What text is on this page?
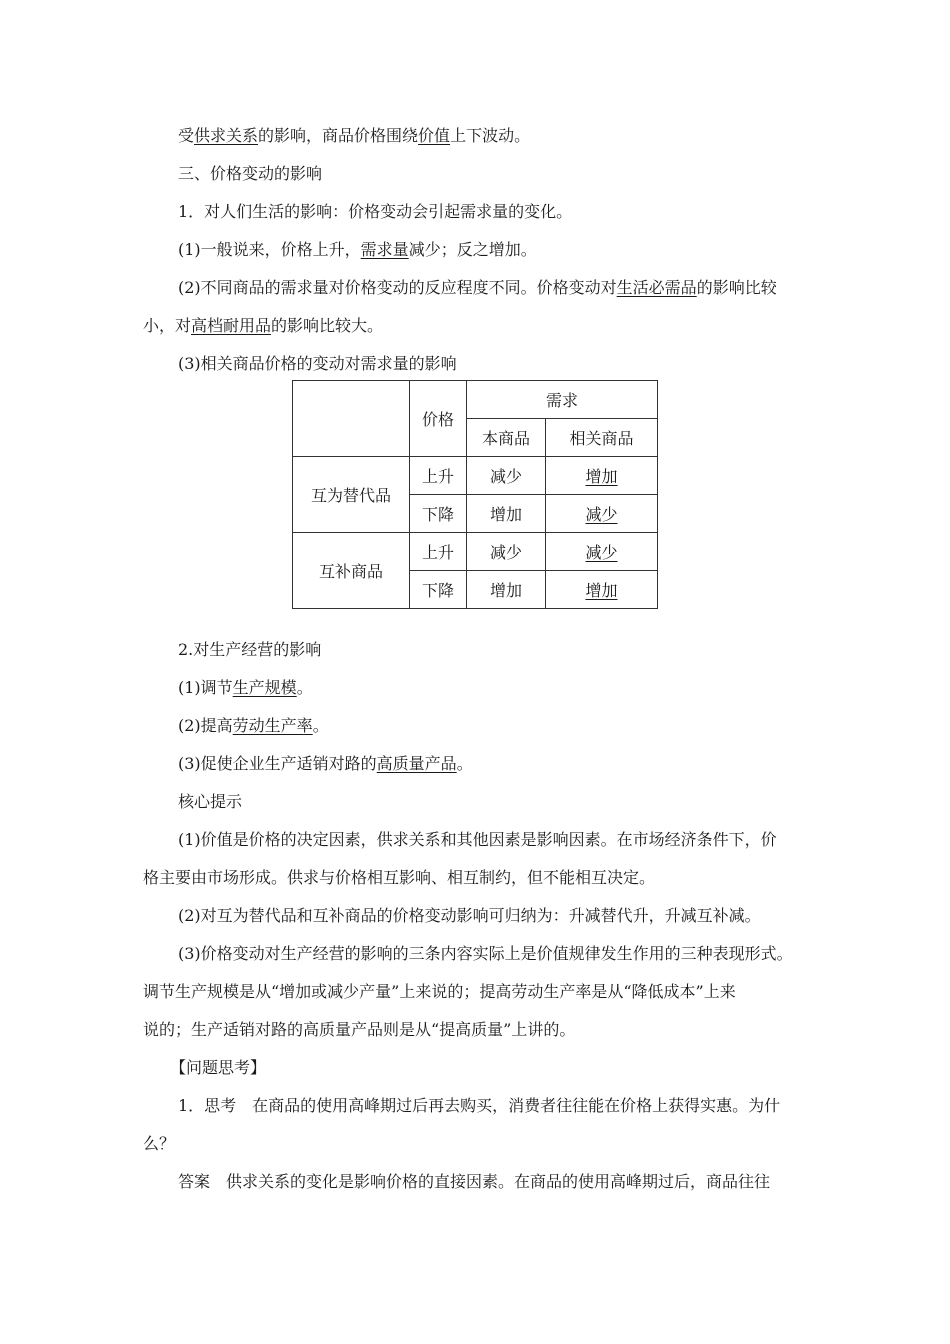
受供求关系的影响，商品价格围绕价值上下波动。
三、价格变动的影响
1．对人们生活的影响：价格变动会引起需求量的变化。
(1)一般说来，价格上升，需求量减少；反之增加。
(2)不同商品的需求量对价格变动的反应程度不同。价格变动对生活必需品的影响比较
小，对高档耐用品的影响比较大。
(3)相关商品价格的变动对需求量的影响
	价格	需求	
		本商品	相关商品
互为替代品	上升	减少	增加
	下降	增加	减少
互补商品	上升	减少	减少
	下降	增加	增加
2.对生产经营的影响
(1)调节生产规模。
(2)提高劳动生产率。
(3)促使企业生产适销对路的高质量产品。
核心提示
(1)价值是价格的决定因素，供求关系和其他因素是影响因素。在市场经济条件下，价
格主要由市场形成。供求与价格相互影响、相互制约，但不能相互决定。
(2)对互为替代品和互补商品的价格变动影响可归纳为：升减替代升，升减互补减。
(3)价格变动对生产经营的影响的三条内容实际上是价值规律发生作用的三种表现形式。
调节生产规模是从“增加或减少产量”上来说的；提高劳动生产率是从“降低成本”上来
说的；生产适销对路的高质量产品则是从“提高质量”上讲的。
【问题思考】
1．思考　在商品的使用高峰期过后再去购买，消费者往往能在价格上获得实惠。为什
么？
答案　供求关系的变化是影响价格的直接因素。在商品的使用高峰期过后，商品往往
